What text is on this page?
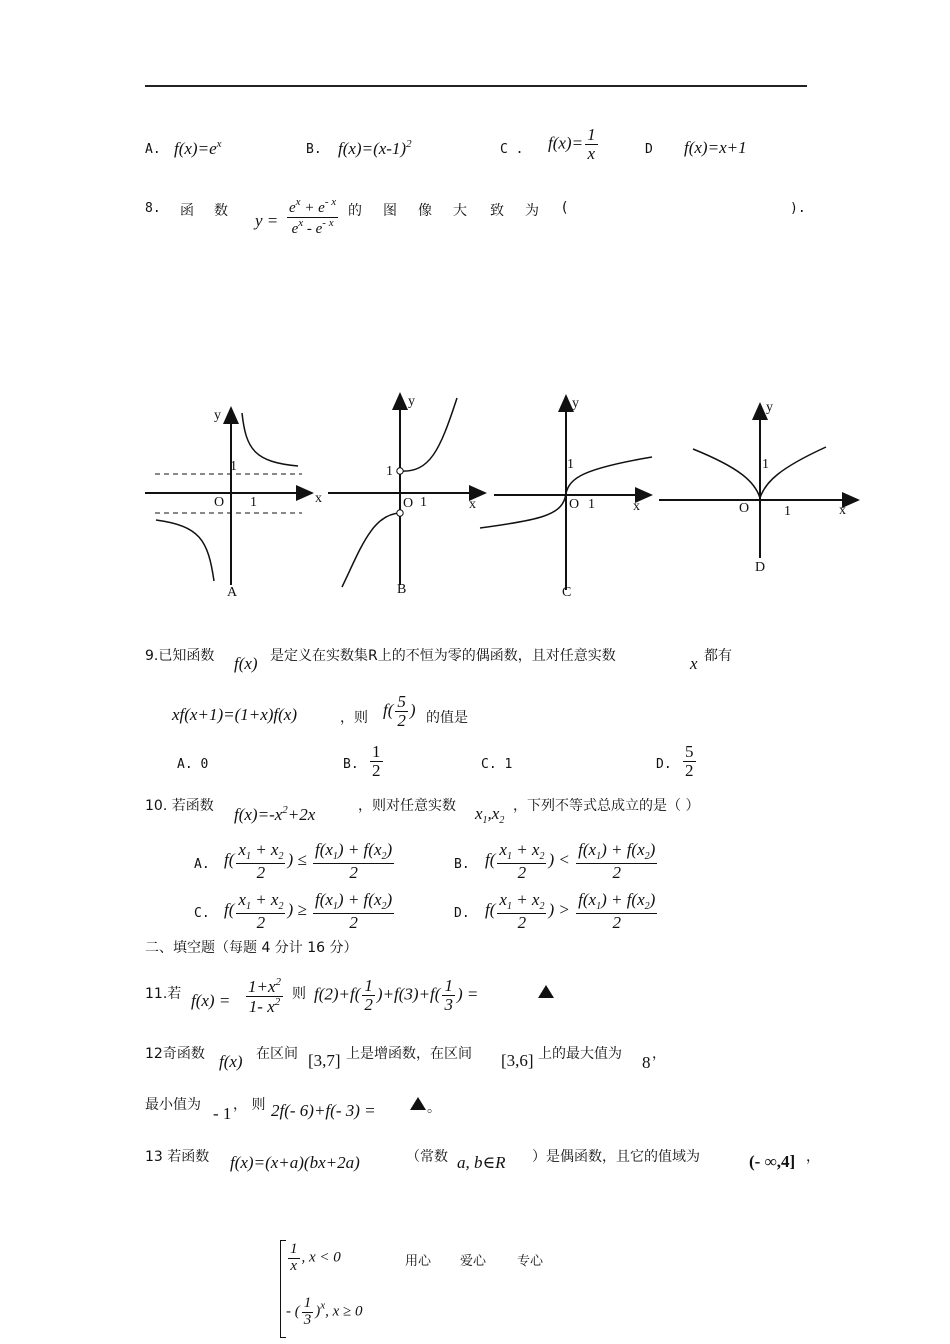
A. $f(x)=e^x$	B. $f(x)=(x-1)^2$	C . $f(x)= \frac{1}{x}$	D f(x)=x+1
8. 函 数 $y = \frac{e^x + e^{- x}}{e^x - e^{- x}}$ 的 图 像 大 致 为 (	).
y
x
O 1
1
A
y
x
O 1
1
B
y
x
O 1
1
C
y
x
O 1
1
D
9.已知函数 f(x) 是定义在实数集R上的不恒为零的偶函数，且对任意实数	x 都有
xf(x+1)=(1+x)f(x)	，则 $f( \frac{5}{2}$ ) 的值是
A. 0	B. $\frac{1}{2}$	C. 1	D. $\frac{5}{2}$
10. 若函数 $f(x)=-x^2+2x$	，则对任意实数 $x_1,x_2$
，下列不等式总成立的是（ ）
A. $f( \frac{x_1 + x_2}{2}$ ) ≤ $\frac{f(x_1) + f(x_2)}{2}$	B. $f( \frac{x_1 + x_2}{2}$ ) < $\frac{f(x_1) + f(x_2)}{2}$
C. $f( \frac{x_1 + x_2}{2}$ ) ≥ $\frac{f(x_1) + f(x_2)}{2}$	D. $f( \frac{x_1 + x_2}{2}$ ) > $\frac{f(x_1) + f(x_2)}{2}$
二、填空题（每题 4 分计 16 分）
11.若 $f(x) = \frac{1+x^2}{1- x^2}$ 则 $f(2)+f( \frac{1}{2} )+f(3)+f( \frac{1}{3}$ ) =
12奇函数 f(x) 在区间 [3,7] 上是增函数，在区间 [3,6] 上的最大值为 8 ，
最小值为 - 1 ， 则 2f(- 6)+f(- 3) =	。
13 若函数 f(x)=(x+a)(bx+2a)	（常数 a, b∈R ）是偶函数，且它的值域为	(- ∞,4] ，
$\frac{1}{x}$ , x < 0
- ( $\frac{1}{3} )^x$, x ≥ 0
用心 爱心 专心
